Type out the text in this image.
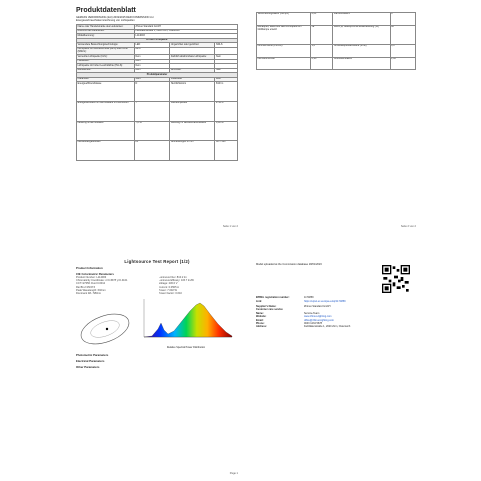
Produktdatenblatt
GEMÄSS VERORDNUNG (EU) 2019/2015 DER KOMMISSION zur
Energieverbrauchskennzeichnung von Lichtquellen
Name oder Handelsmarke des Lieferanten:	Zhinuo Standard GmbH		
Anschrift des Lieferanten:	Fazilitätenstraße 1, 2020 Zorn, Österreich		
Modellkennung:	L114003		
Art der Lichtquelle:			
Verwendete Beleuchtungstechnologie:	LED	Ungerichtet oder gerichtet:	NDLS
Lichtquelle mit Netzanschluss (MLS) oder ohne (NMLS):	MLS		
Vernetzte Lichtquelle (CLS):	Nein	Farblich abstimmbare Lichtquelle:	Nein
Hüllkolben:	Nein		
Lichtquelle mit hoher Leuchtdichte (HLLS):	Nein		
Blendschutz:	Nein	Dimmbar:	Nein
Produktparameter			
Parameter	Wert	Parameter	Wert
Energieeffizienzklasse	D	Nutzlichtstrom	810 lm
Energieverbrauch im Ein-Zustand in kWh/1000h	7	Farbtemperatur	2700 K
Leistung im Ein-Zustand	7,0 W	Leistung im Bereitschaftszustand	0,00 W
Farbwiedergabeindex	81	Abmessungen in mm	60 × 120
Seite 1 von 2
Verschiebungsfaktor (cos φ1)	0,61	Farbkonsistenz	6
Behauptet, dass eine LED-Lichtquelle ein Glühlampe ersetzt	Ja	Wenn ja, beanspruchte Ersatzleistung (W)	60
Flimmermetrik (Pst LM)	1,0	Stroboskopeffekt-Metrik (SVM)	0,4
Lichtstromerhalt	0,96	Überlebensfaktor	1,00
Seite 2 von 2
Lightsource Test Report (1/2)
Product Information
CIE Colorimetric Parameters
Product Number: L114003
Chromaticity Coordinate: x=0.4578 y=0.4101
CCT=2705K Duv=0.0012
Ra=81.2 R9=8.5
Peak Wavelength: 602nm
Dominant WL: 583nm
Luminous Flux: 810.2 lm
Luminous Efficacy: 115.7 lm/W
Voltage: 230.0 V
Current: 0.0505 A
Power: 7.002 W
Power Factor: 0.610
Relative Spectral Power Distribution
Photometric Parameters
Electrical Parameters
Other Parameters
Page 1
Model uploaded at the Commission database 18/01/2023
EPREL registration number:	1174859
Link:	https://eprel.ec.europa.eu/qr/1174859
Supplier's Name:	Zhinuo Standard GmbH
Customer care service
Name:	Service-Team
Website:	www.zhinuo-lighting.com
Email:	office@zhinuo-lighting.com
Phone:	0043 1234 5678
Address:	Fazilitätenstraße 1, 2020 Zorn, Österreich
